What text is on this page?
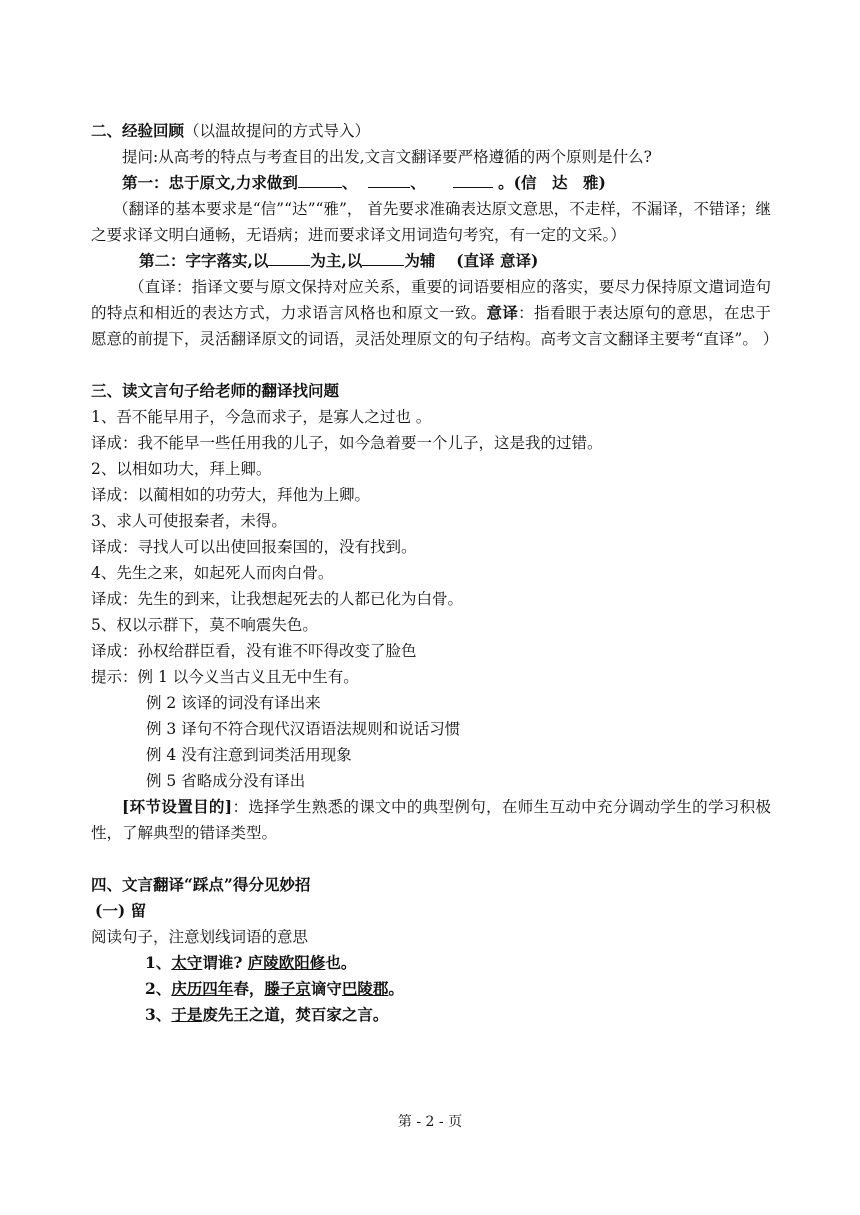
二、经验回顾（以温故提问的方式导入）
提问:从高考的特点与考查目的出发,文言文翻译要严格遵循的两个原则是什么?
第一：忠于原文,力求做到	、	、	。(信　达　雅)
（翻译的基本要求是“信”“达”“雅”， 首先要求准确表达原文意思，不走样，不漏译，不错译；继之要求译文明白通畅，无语病；进而要求译文用词造句考究，有一定的文采。）
第二：字字落实,以	为主,以	为辅　 (直译 意译)
（直译：指译文要与原文保持对应关系，重要的词语要相应的落实，要尽力保持原文遣词造句的特点和相近的表达方式，力求语言风格也和原文一致。意译：指看眼于表达原句的意思，在忠于愿意的前提下，灵活翻译原文的词语，灵活处理原文的句子结构。高考文言文翻译主要考“直译”。 ）
三、读文言句子给老师的翻译找问题
1、吾不能早用子，今急而求子，是寡人之过也 。
译成：我不能早一些任用我的儿子，如今急着要一个儿子，这是我的过错。
2、以相如功大，拜上卿。
译成：以蔺相如的功劳大，拜他为上卿。
3、求人可使报秦者，未得。
译成：寻找人可以出使回报秦国的，没有找到。
4、先生之来，如起死人而肉白骨。
译成：先生的到来，让我想起死去的人都已化为白骨。
5、权以示群下，莫不响震失色。
译成：孙权给群臣看，没有谁不吓得改变了脸色
提示：例 1 以今义当古义且无中生有。
例 2 该译的词没有译出来
例 3 译句不符合现代汉语语法规则和说话习惯
例 4 没有注意到词类活用现象
例 5 省略成分没有译出
[环节设置目的]：选择学生熟悉的课文中的典型例句，在师生互动中充分调动学生的学习积极性，了解典型的错译类型。
四、文言翻译“踩点”得分见妙招
(一) 留
阅读句子，注意划线词语的意思
1、太守谓谁? 庐陵欧阳修也。
2、庆历四年春，滕子京谪守巴陵郡。
3、于是废先王之道，焚百家之言。
第 - 2 - 页
